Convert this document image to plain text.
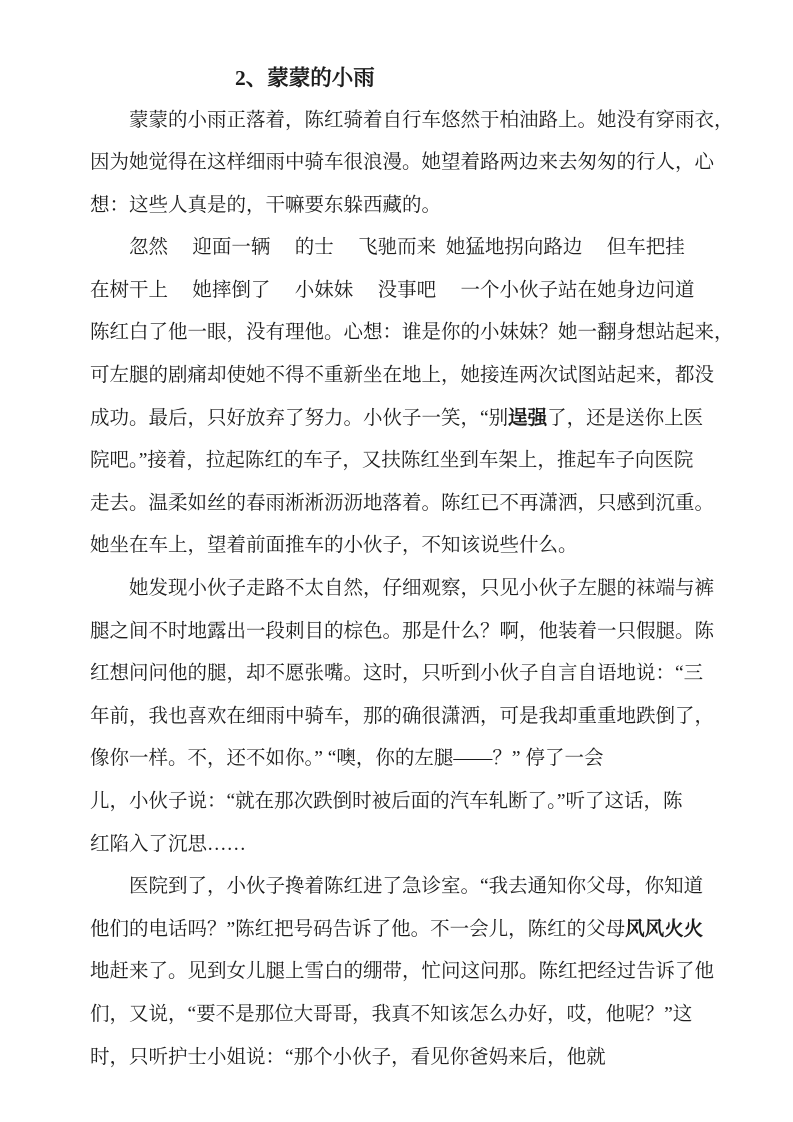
2、蒙蒙的小雨
蒙蒙的小雨正落着，陈红骑着自行车悠然于柏油路上。她没有穿雨衣，
因为她觉得在这样细雨中骑车很浪漫。她望着路两边来去匆匆的行人，心
想：这些人真是的，干嘛要东躲西藏的。
忽然　 迎面一辆　 的士　 飞驰而来  她猛地拐向路边　 但车把挂
在树干上　 她摔倒了　 小妹妹　 没事吧　 一个小伙子站在她身边问道
陈红白了他一眼，没有理他。心想：谁是你的小妹妹？她一翻身想站起来，
可左腿的剧痛却使她不得不重新坐在地上，她接连两次试图站起来，都没
成功。最后，只好放弃了努力。小伙子一笑，“别逞强了，还是送你上医
院吧。”接着，拉起陈红的车子，又扶陈红坐到车架上，推起车子向医院
走去。温柔如丝的春雨淅淅沥沥地落着。陈红已不再潇洒，只感到沉重。
她坐在车上，望着前面推车的小伙子，不知该说些什么。
她发现小伙子走路不太自然，仔细观察，只见小伙子左腿的袜端与裤
腿之间不时地露出一段刺目的棕色。那是什么？啊，他装着一只假腿。陈
红想问问他的腿，却不愿张嘴。这时，只听到小伙子自言自语地说：“三
年前，我也喜欢在细雨中骑车，那的确很潇洒，可是我却重重地跌倒了，
像你一样。不，还不如你。” “噢，你的左腿——？” 停了一会
儿，小伙子说：“就在那次跌倒时被后面的汽车轧断了。”听了这话，陈
红陷入了沉思……
医院到了，小伙子搀着陈红进了急诊室。“我去通知你父母，你知道
他们的电话吗？”陈红把号码告诉了他。不一会儿，陈红的父母风风火火
地赶来了。见到女儿腿上雪白的绷带，忙问这问那。陈红把经过告诉了他
们，又说，“要不是那位大哥哥，我真不知该怎么办好，哎，他呢？”这
时，只听护士小姐说：“那个小伙子，看见你爸妈来后，他就
